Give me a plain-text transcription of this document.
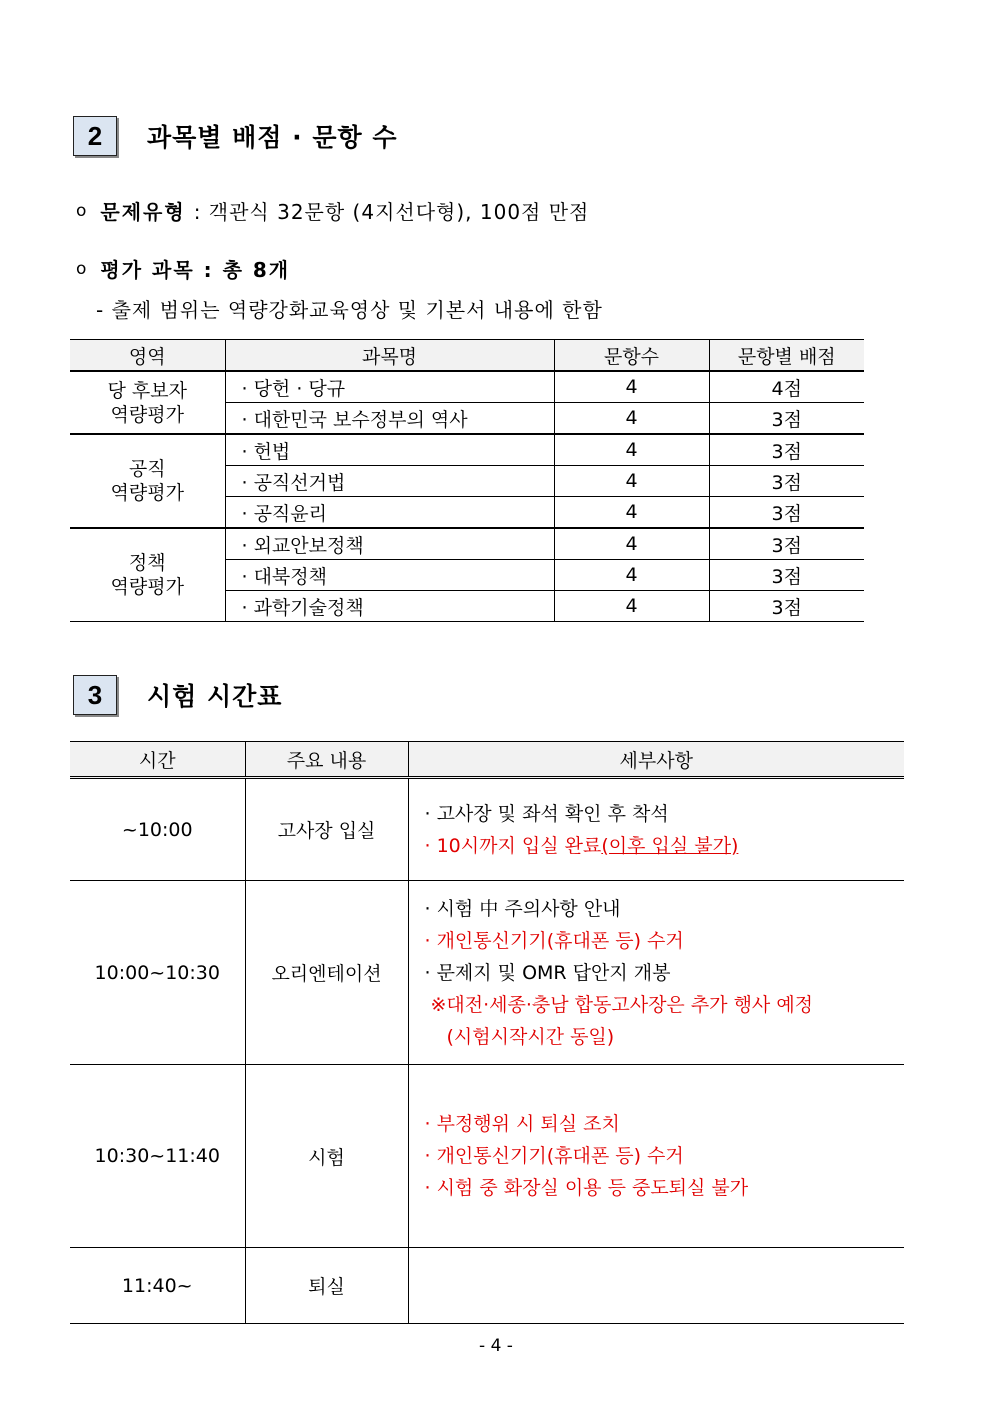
2	과목별 배점 · 문항 수
o 문제유형 : 객관식 32문항 (4지선다형), 100점 만점
o 평가 과목 : 총 8개
- 출제 범위는 역량강화교육영상 및 기본서 내용에 한함
영역	과목명	문항수	문항별 배점
당 후보자
역량평가	· 당헌 · 당규	4	4점
	· 대한민국 보수정부의 역사	4	3점
공직
역량평가	· 헌법	4	3점
	· 공직선거법	4	3점
	· 공직윤리	4	3점
정책
역량평가	· 외교안보정책	4	3점
	· 대북정책	4	3점
	· 과학기술정책	4	3점
3	시험 시간표
시간	주요 내용	세부사항
~10:00	고사장 입실	· 고사장 및 좌석 확인 후 착석
· 10시까지 입실 완료(이후 입실 불가)

10:00~10:30	오리엔테이션	· 시험 中 주의사항 안내
· 개인통신기기(휴대폰 등) 수거
· 문제지 및 OMR 답안지 개봉
※대전·세종·충남 합동고사장은 추가 행사 예정
(시험시작시간 동일)

10:30~11:40	시험	· 부정행위 시 퇴실 조치
· 개인통신기기(휴대폰 등) 수거
· 시험 중 화장실 이용 등 중도퇴실 불가

11:40~	퇴실	
- 4 -
